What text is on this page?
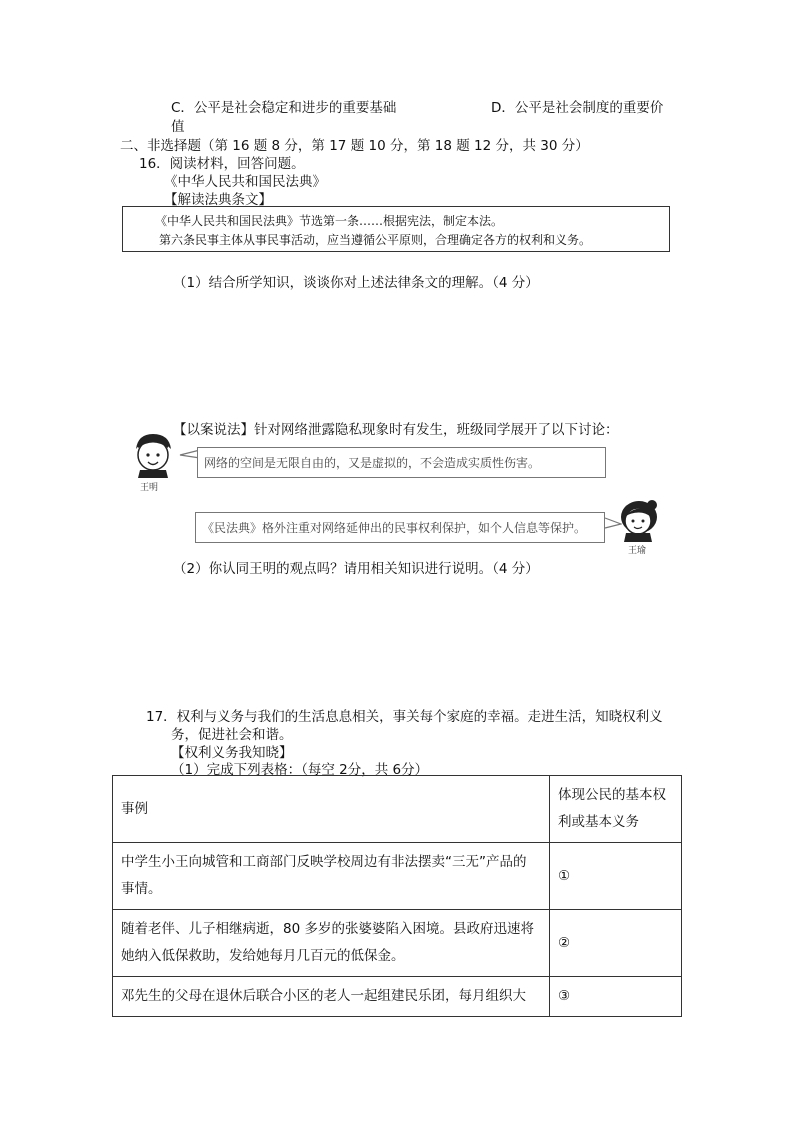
C．公平是社会稳定和进步的重要基础	D．公平是社会制度的重要价
值
二、非选择题（第 16 题 8 分，第 17 题 10 分，第 18 题 12 分，共 30 分）
16．阅读材料，回答问题。
《中华人民共和国民法典》
【解读法典条文】
《中华人民共和国民法典》节选第一条……根据宪法，制定本法。
第六条民事主体从事民事活动，应当遵循公平原则，合理确定各方的权利和义务。
（1）结合所学知识，谈谈你对上述法律条文的理解。（4 分）
【以案说法】针对网络泄露隐私现象时有发生，班级同学展开了以下讨论：
王明
网络的空间是无限自由的，又是虚拟的，不会造成实质性伤害。
《民法典》格外注重对网络延伸出的民事权利保护，如个人信息等保护。
王瑜
（2）你认同王明的观点吗？请用相关知识进行说明。（4 分）
17．权利与义务与我们的生活息息相关，事关每个家庭的幸福。走进生活，知晓权利义
务，促进社会和谐。
【权利义务我知晓】
（1）完成下列表格：（每空 2分，共 6分）
事例	体现公民的基本权
利或基本义务

中学生小王向城管和工商部门反映学校周边有非法摆卖“三无”产品的
事情。	①

随着老伴、儿子相继病逝，80 多岁的张婆婆陷入困境。县政府迅速将
她纳入低保救助，发给她每月几百元的低保金。	②

邓先生的父母在退休后联合小区的老人一起组建民乐团，每月组织大	③
